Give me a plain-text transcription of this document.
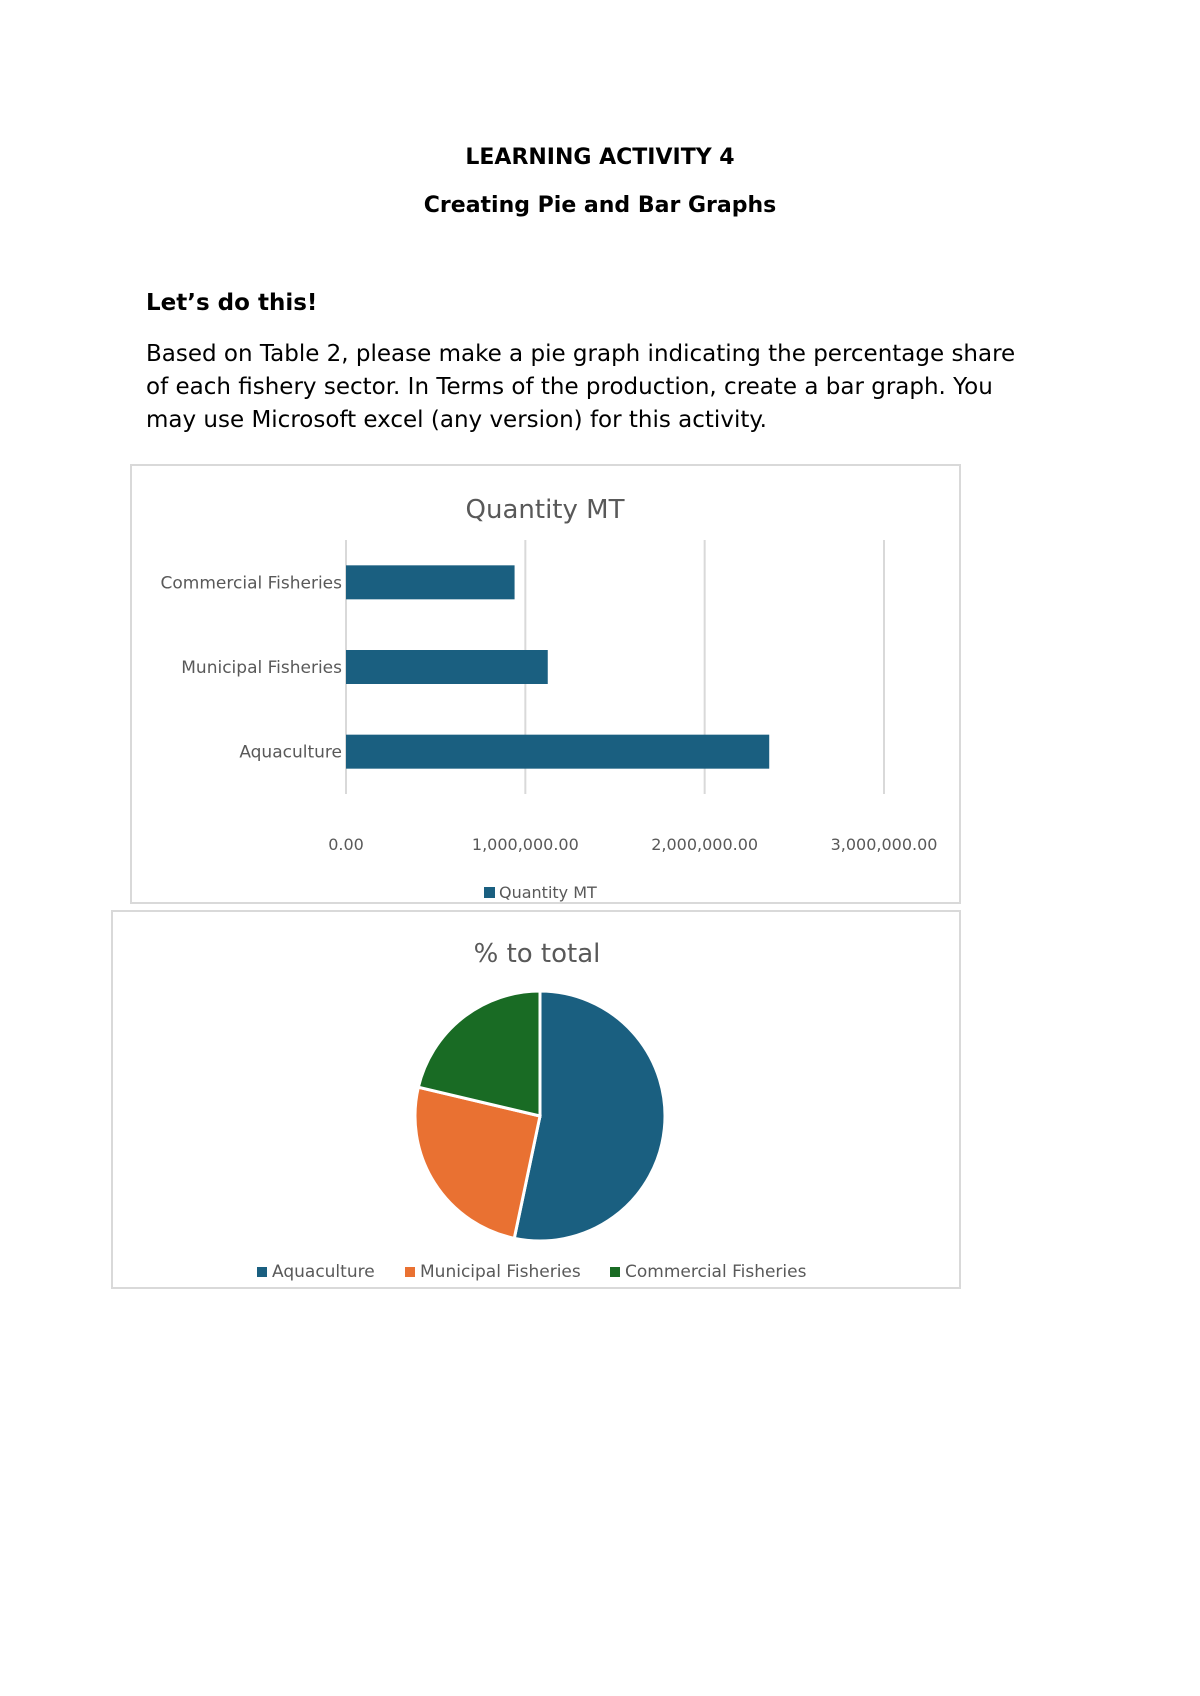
LEARNING ACTIVITY 4
Creating Pie and Bar Graphs
Let’s do this!
Based on Table 2, please make a pie graph indicating the percentage share of each fishery sector. In Terms of the production, create a bar graph. You may use Microsoft excel (any version) for this activity.
Quantity MT
Commercial Fisheries
Municipal Fisheries
Aquaculture
0.00	1,000,000.00	2,000,000.00	3,000,000.00
Quantity MT
% to total
Aquaculture	Municipal Fisheries	Commercial Fisheries
